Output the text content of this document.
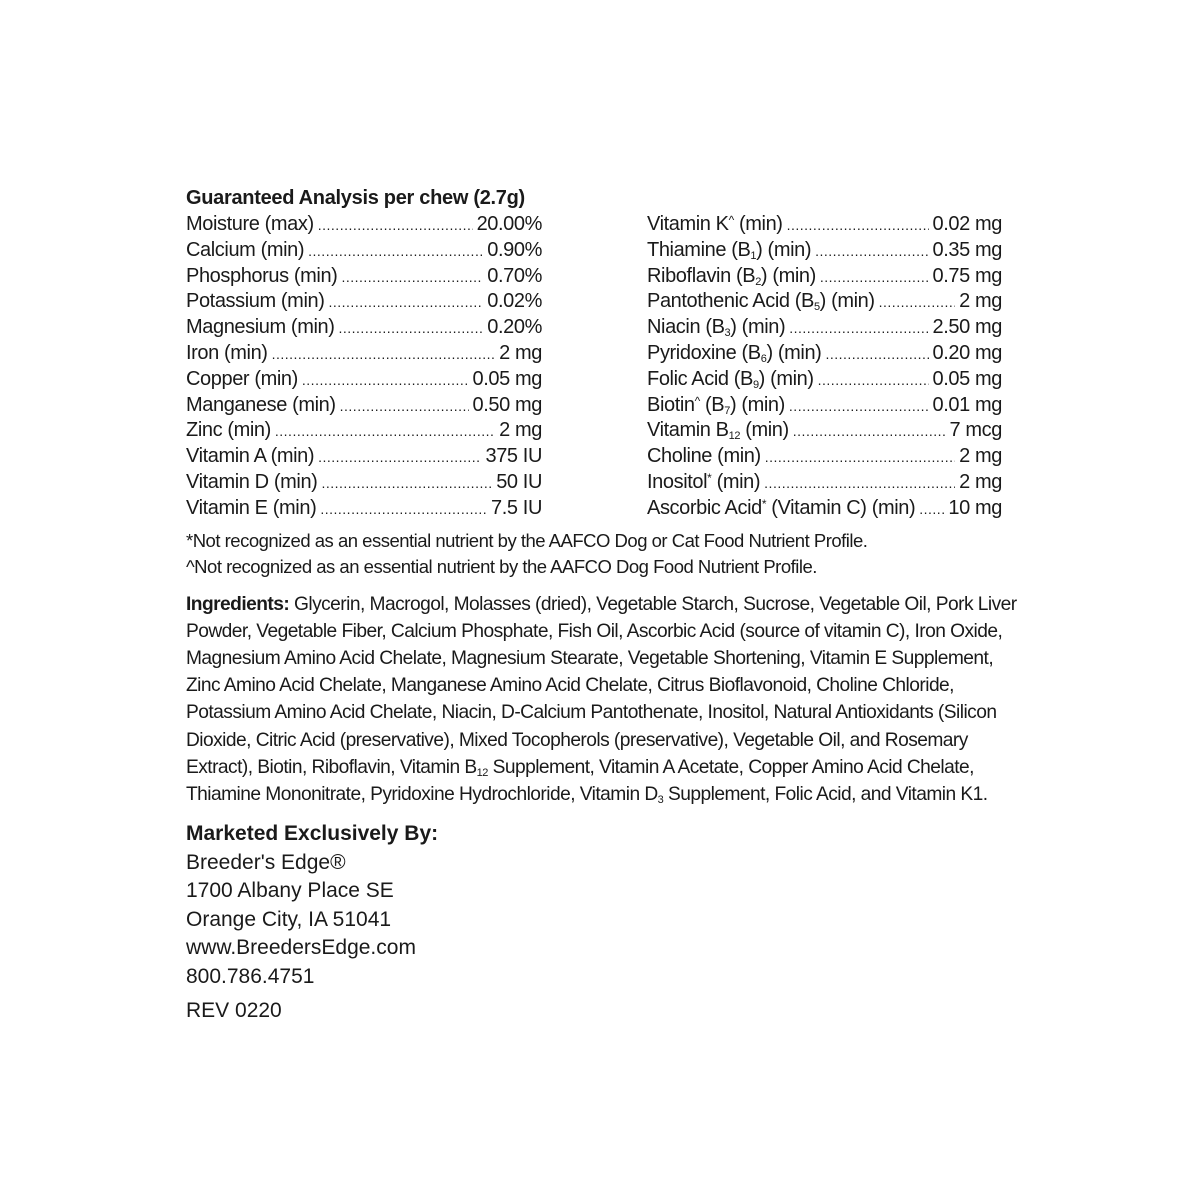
Guaranteed Analysis per chew (2.7g)
Moisture (max) .....	20.00%
Calcium (min) .....	0.90%
Phosphorus (min) .....	0.70%
Potassium (min) .....	0.02%
Magnesium (min) .....	0.20%
Iron (min) .....	2 mg
Copper (min) .....	0.05 mg
Manganese (min) .....	0.50 mg
Zinc (min) .....	2 mg
Vitamin A (min) .....	375 IU
Vitamin D (min) .....	50 IU
Vitamin E (min) .....	7.5 IU
Vitamin K^ (min) .....	0.02 mg
Thiamine $(B_1)$ (min) .....	0.35 mg
Riboflavin $(B_2)$ (min) .....	0.75 mg
Pantothenic Acid $(B_5)$ (min) .....	2 mg
Niacin $(B_3)$ (min) .....	2.50 mg
Pyridoxine $(B_6)$ (min) .....	0.20 mg
Folic Acid $(B_9)$ (min) .....	0.05 mg
Biotin^ $(B_7)$ (min) .....	0.01 mg
Vitamin $B_{12}$ (min) .....	7 mcg
Choline (min) .....	2 mg
Inositol* (min) .....	2 mg
Ascorbic Acid* (Vitamin C) (min) ..... 10 mg
*Not recognized as an essential nutrient by the AAFCO Dog or Cat Food Nutrient Profile.
^Not recognized as an essential nutrient by the AAFCO Dog Food Nutrient Profile.
Ingredients: Glycerin, Macrogol, Molasses (dried), Vegetable Starch, Sucrose, Vegetable Oil, Pork Liver Powder, Vegetable Fiber, Calcium Phosphate, Fish Oil, Ascorbic Acid (source of vitamin C), Iron Oxide, Magnesium Amino Acid Chelate, Magnesium Stearate, Vegetable Shortening, Vitamin E Supplement, Zinc Amino Acid Chelate, Manganese Amino Acid Chelate, Citrus Bioflavonoid, Choline Chloride, Potassium Amino Acid Chelate, Niacin, D-Calcium Pantothenate, Inositol, Natural Antioxidants (Silicon Dioxide, Citric Acid (preservative), Mixed Tocopherols (preservative), Vegetable Oil, and Rosemary Extract), Biotin, Riboflavin, Vitamin $B_{12}$ Supplement, Vitamin A Acetate, Copper Amino Acid Chelate, Thiamine Mononitrate, Pyridoxine Hydrochloride, Vitamin $D_3$ Supplement, Folic Acid, and Vitamin K1.
Marketed Exclusively By:
Breeder's Edge®
1700 Albany Place SE
Orange City, IA 51041
www.BreedersEdge.com
800.786.4751
REV 0220
